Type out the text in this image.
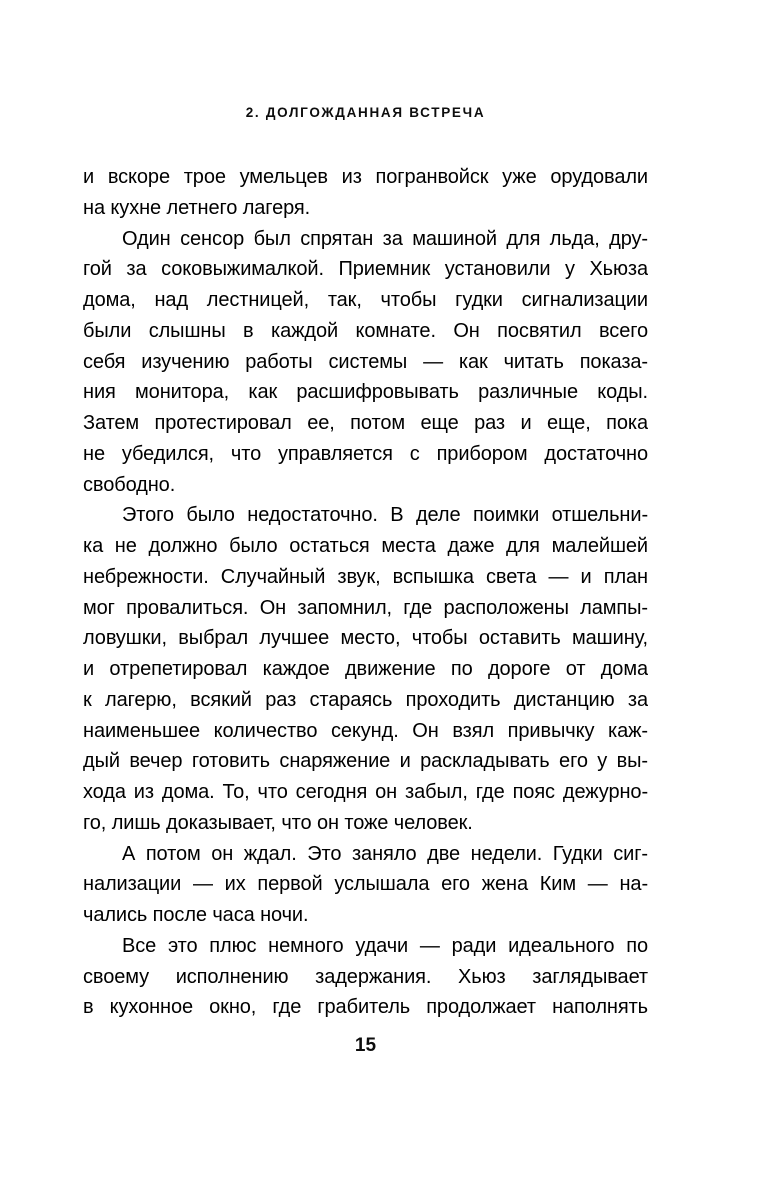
2. ДОЛГОЖДАННАЯ ВСТРЕЧА
и вскоре трое умельцев из погранвойск уже орудовали
на кухне летнего лагеря.
Один сенсор был спрятан за машиной для льда, дру-
гой за соковыжималкой. Приемник установили у Хьюза
дома, над лестницей, так, чтобы гудки сигнализации
были слышны в каждой комнате. Он посвятил всего
себя изучению работы системы — как читать показа-
ния монитора, как расшифровывать различные коды.
Затем протестировал ее, потом еще раз и еще, пока
не убедился, что управляется с прибором достаточно
свободно.
Этого было недостаточно. В деле поимки отшельни-
ка не должно было остаться места даже для малейшей
небрежности. Случайный звук, вспышка света — и план
мог провалиться. Он запомнил, где расположены лампы-
ловушки, выбрал лучшее место, чтобы оставить машину,
и отрепетировал каждое движение по дороге от дома
к лагерю, всякий раз стараясь проходить дистанцию за
наименьшее количество секунд. Он взял привычку каж-
дый вечер готовить снаряжение и раскладывать его у вы-
хода из дома. То, что сегодня он забыл, где пояс дежурно-
го, лишь доказывает, что он тоже человек.
А потом он ждал. Это заняло две недели. Гудки сиг-
нализации — их первой услышала его жена Ким — на-
чались после часа ночи.
Все это плюс немного удачи — ради идеального по
своему исполнению задержания. Хьюз заглядывает
в кухонное окно, где грабитель продолжает наполнять
15
